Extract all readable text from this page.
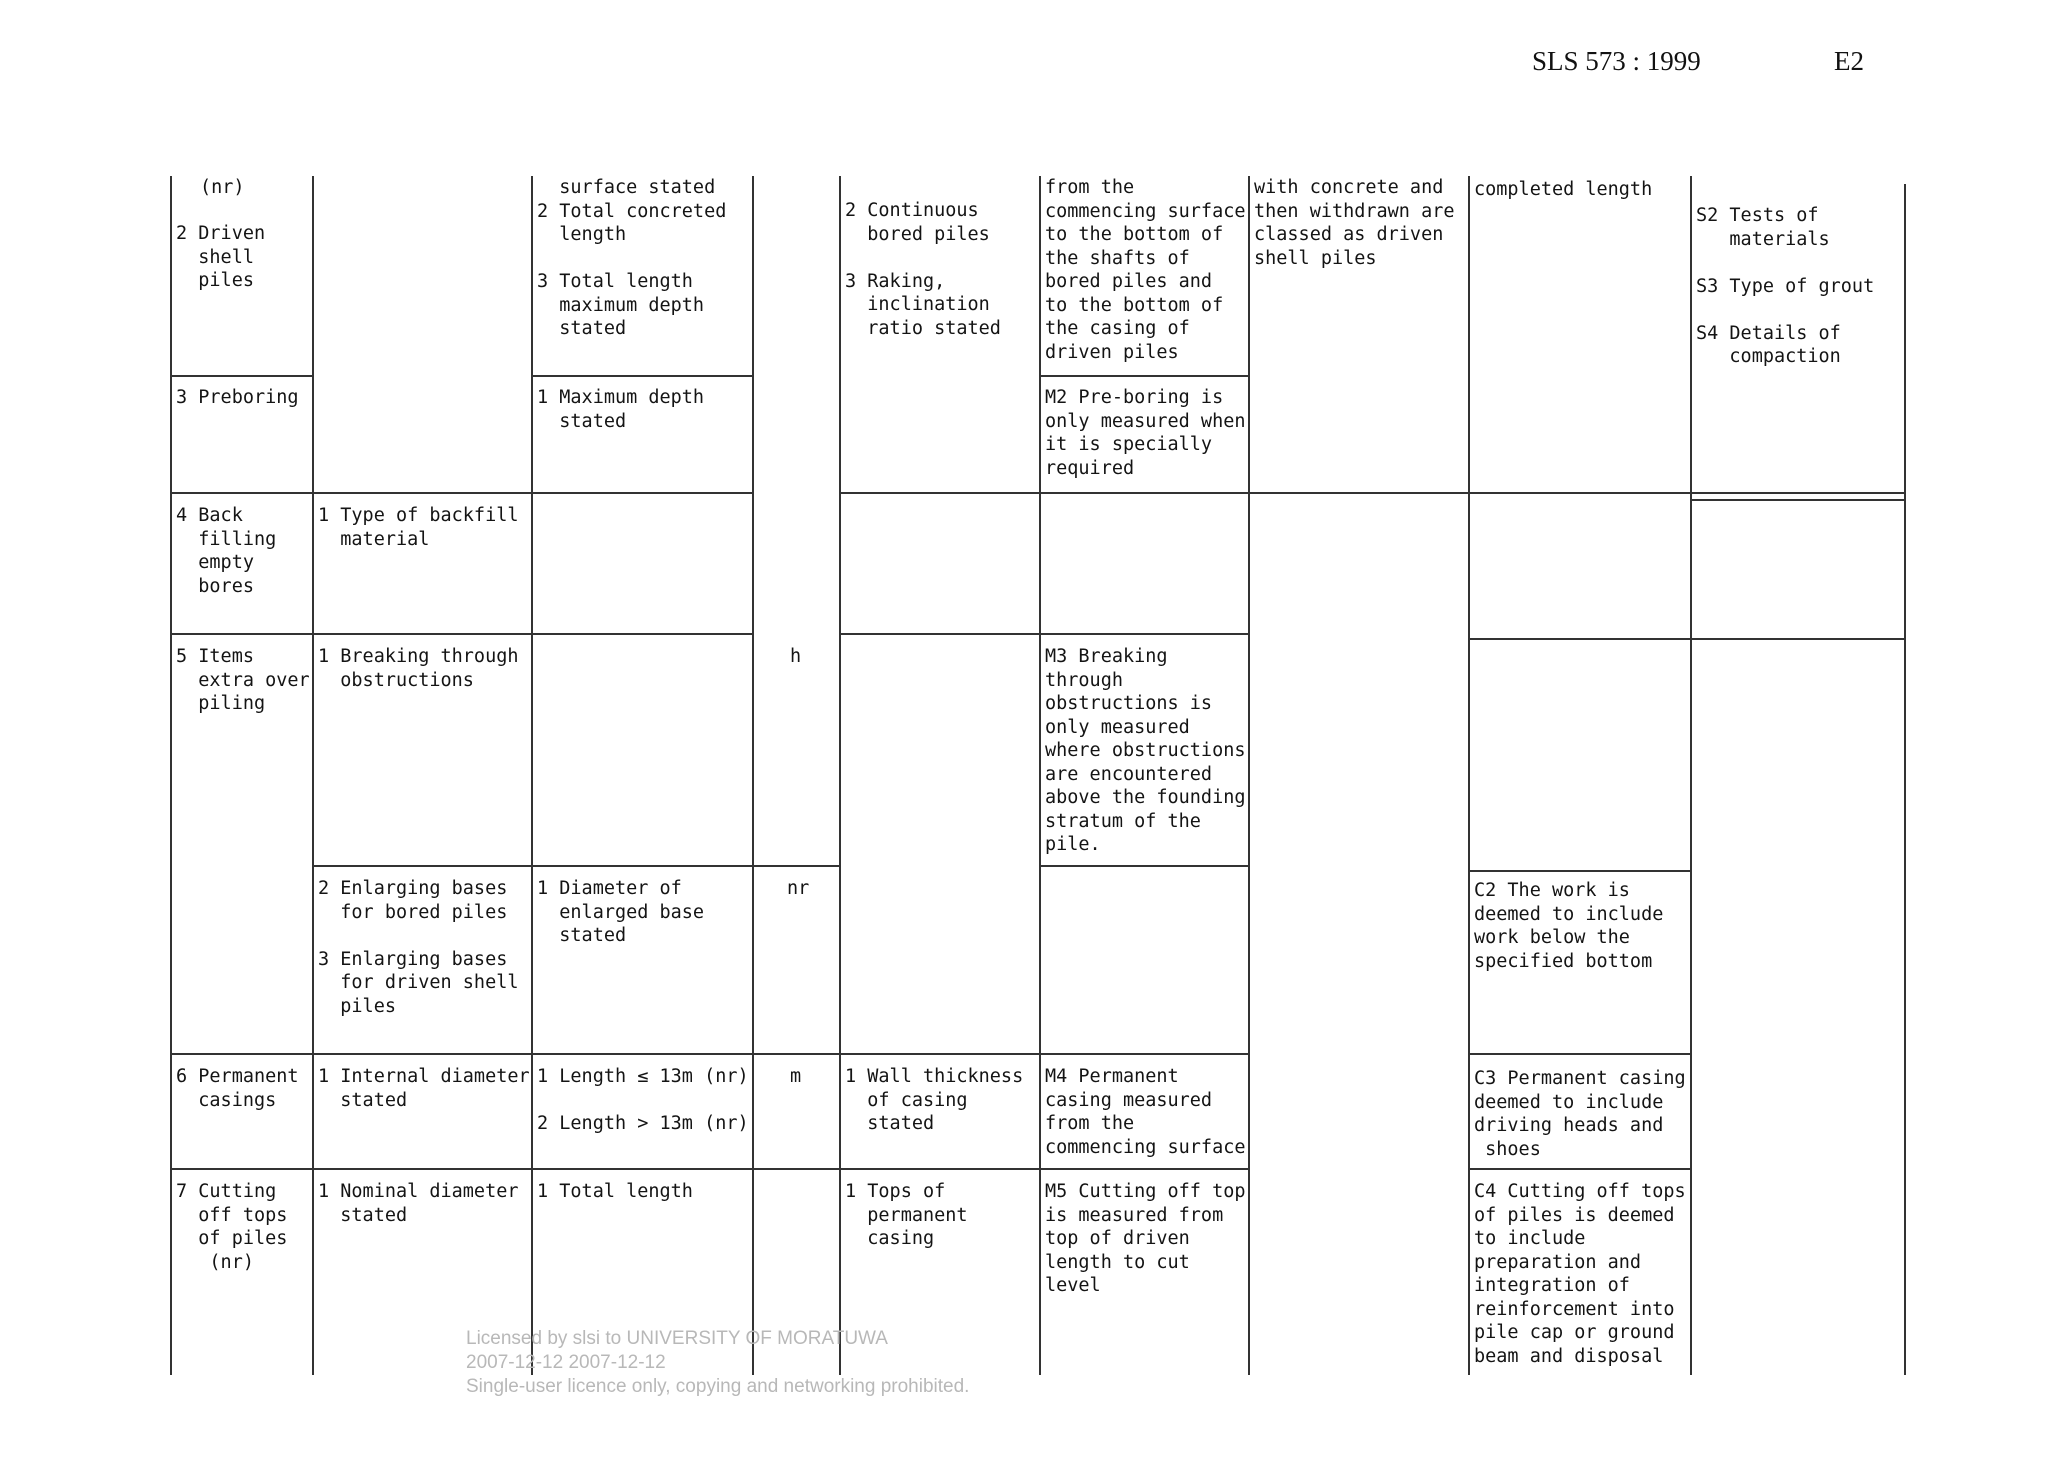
SLS 573 : 1999	E2
(nr)
2 Driven
shell
piles
3 Preboring
4 Back
filling
empty
bores
5 Items
extra over
piling
6 Permanent
casings
7 Cutting
off tops
of piles
(nr)
1 Type of backfill
material
1 Breaking through
obstructions
2 Enlarging bases
for bored piles

3 Enlarging bases
for driven shell
piles
1 Internal diameter
stated
1 Nominal diameter
stated
surface stated
2 Total concreted
length

3 Total length
maximum depth
stated
1 Maximum depth
stated
1 Diameter of
enlarged base
stated
1 Length ≤ 13m (nr)

2 Length > 13m (nr)
1 Total length
h
nr
m
2 Continuous
bored piles

3 Raking,
inclination
ratio stated
1 Wall thickness
of casing
stated
1 Tops of
permanent
casing
from the
commencing surface
to the bottom of
the shafts of
bored piles and
to the bottom of
the casing of
driven piles
M2 Pre-boring is
only measured when
it is specially
required
M3 Breaking
through
obstructions is
only measured
where obstructions
are encountered
above the founding
stratum of the
pile.
M4 Permanent
casing measured
from the
commencing surface
M5 Cutting off top
is measured from
top of driven
length to cut
level
with concrete and
then withdrawn are
classed as driven
shell piles
completed length
C2 The work is
deemed to include
work below the
specified bottom
C3 Permanent casing
deemed to include
driving heads and
shoes
C4 Cutting off tops
of piles is deemed
to include
preparation and
integration of
reinforcement into
pile cap or ground
beam and disposal
S2 Tests of
materials

S3 Type of grout

S4 Details of
compaction
Licensed by slsi to UNIVERSITY OF MORATUWA
2007-12-12 2007-12-12
Single-user licence only, copying and networking prohibited.
